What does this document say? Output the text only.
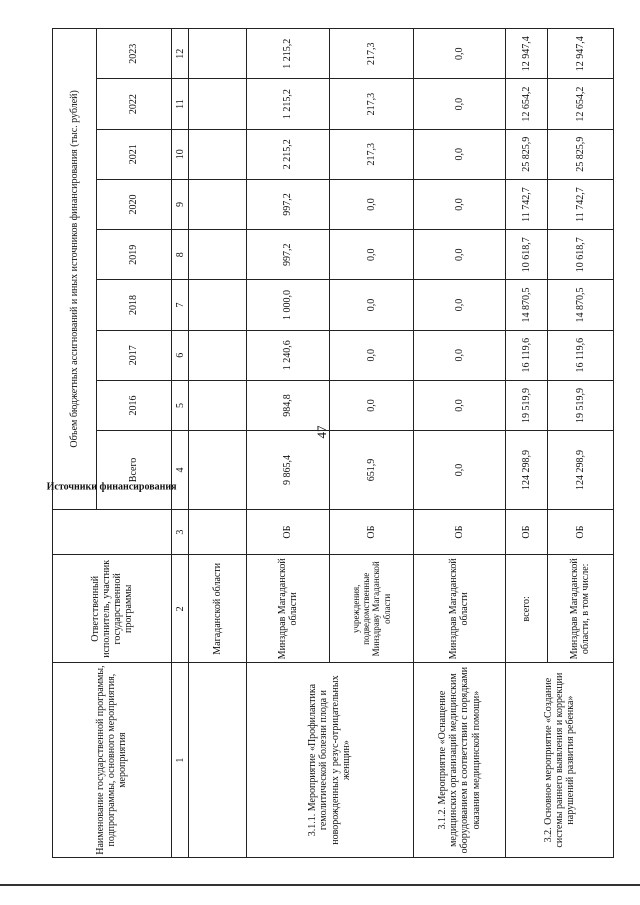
47
Наименование государственной программы, подпрограммы, основного мероприятия, мероприятия	Ответственный исполнитель, участник государственной программы	Источники финансирования	Объем бюджетных ассигнований и иных источников финансирования (тыс. рублей)								
			Всего	2016	2017	2018	2019	2020	2021	2022	2023
1	2	3	4	5	6	7	8	9	10	11	12
	Магаданской области										
3.1.1. Мероприятие «Профилактика гемолитической болезни плода и новорожденных у резус-отрицательных женщин»	Минздрав Магаданской области	ОБ	9 865,4	984,8	1 240,6	1 000,0	997,2	997,2	2 215,2	1 215,2	1 215,2
	учреждения, подведомственные Минздраву Магаданской области	ОБ	651,9	0,0	0,0	0,0	0,0	0,0	217,3	217,3	217,3
3.1.2. Мероприятие «Оснащение медицинских организаций медицинским оборудованием в соответствии с порядками оказания медицинской помощи»	Минздрав Магаданской области	ОБ	0,0	0,0	0,0	0,0	0,0	0,0	0,0	0,0	0,0
3.2. Основное мероприятие «Создание системы раннего выявления и коррекции нарушений развития ребенка»	всего:	ОБ	124 298,9	19 519,9	16 119,6	14 870,5	10 618,7	11 742,7	25 825,9	12 654,2	12 947,4
	Минздрав Магаданской области, в том числе:	ОБ	124 298,9	19 519,9	16 119,6	14 870,5	10 618,7	11 742,7	25 825,9	12 654,2	12 947,4
